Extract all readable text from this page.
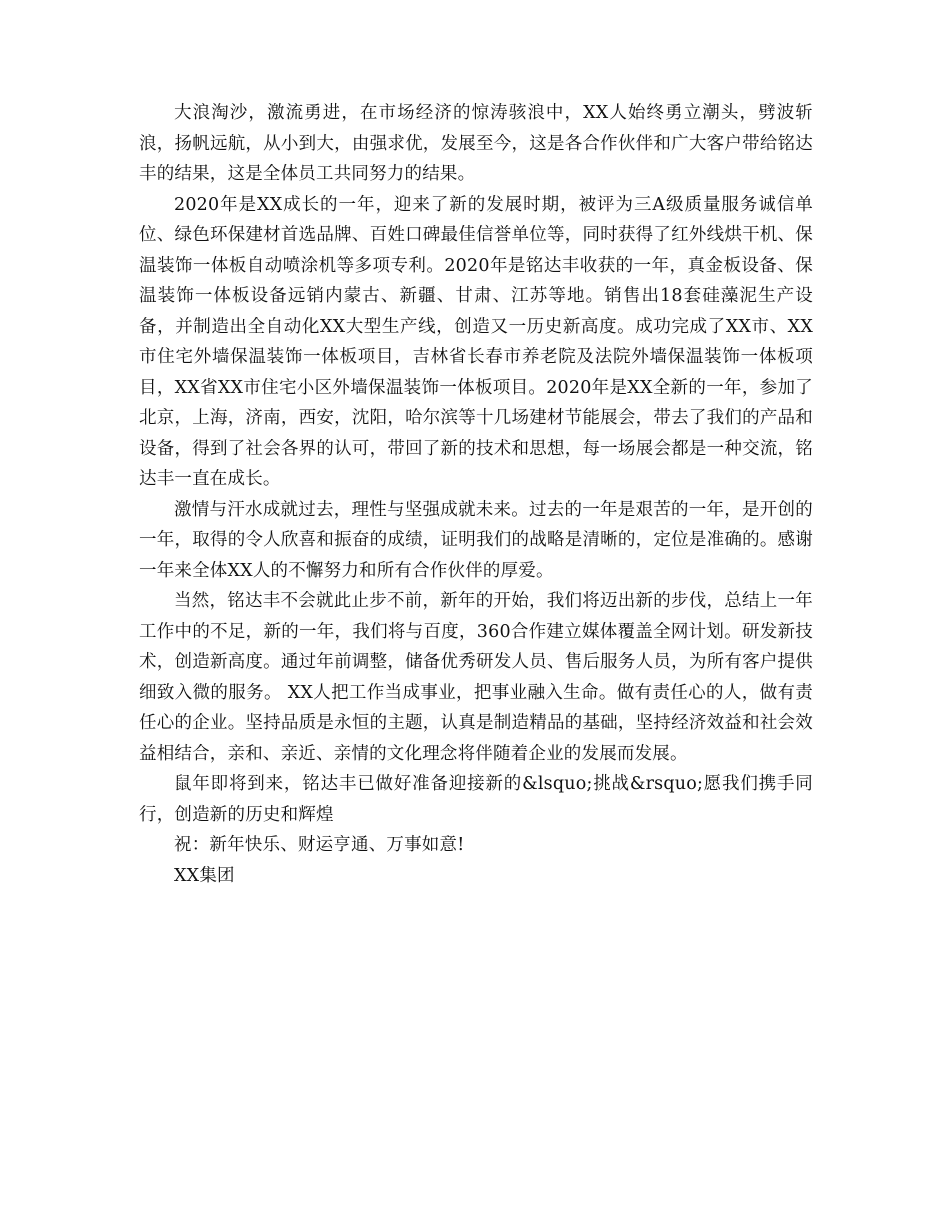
大浪淘沙，激流勇进，在市场经济的惊涛骇浪中，XX人始终勇立潮头，劈波斩浪，扬帆远航，从小到大，由强求优，发展至今，这是各合作伙伴和广大客户带给铭达丰的结果，这是全体员工共同努力的结果。

2020年是XX成长的一年，迎来了新的发展时期，被评为三A级质量服务诚信单位、绿色环保建材首选品牌、百姓口碑最佳信誉单位等，同时获得了红外线烘干机、保温装饰一体板自动喷涂机等多项专利。2020年是铭达丰收获的一年，真金板设备、保温装饰一体板设备远销内蒙古、新疆、甘肃、江苏等地。销售出18套硅藻泥生产设备，并制造出全自动化XX大型生产线，创造又一历史新高度。成功完成了XX市、XX市住宅外墙保温装饰一体板项目，吉林省长春市养老院及法院外墙保温装饰一体板项目，XX省XX市住宅小区外墙保温装饰一体板项目。2020年是XX全新的一年，参加了北京，上海，济南，西安，沈阳，哈尔滨等十几场建材节能展会，带去了我们的产品和设备，得到了社会各界的认可，带回了新的技术和思想，每一场展会都是一种交流，铭达丰一直在成长。

激情与汗水成就过去，理性与坚强成就未来。过去的一年是艰苦的一年，是开创的一年，取得的令人欣喜和振奋的成绩，证明我们的战略是清晰的，定位是准确的。感谢一年来全体XX人的不懈努力和所有合作伙伴的厚爱。

当然，铭达丰不会就此止步不前，新年的开始，我们将迈出新的步伐，总结上一年工作中的不足，新的一年，我们将与百度，360合作建立媒体覆盖全网计划。研发新技术，创造新高度。通过年前调整，储备优秀研发人员、售后服务人员，为所有客户提供细致入微的服务。 XX人把工作当成事业，把事业融入生命。做有责任心的人，做有责任心的企业。坚持品质是永恒的主题，认真是制造精品的基础，坚持经济效益和社会效益相结合，亲和、亲近、亲情的文化理念将伴随着企业的发展而发展。

鼠年即将到来，铭达丰已做好准备迎接新的&lsquo;挑战&rsquo;愿我们携手同行，创造新的历史和辉煌

祝：新年快乐、财运亨通、万事如意!

XX集团
